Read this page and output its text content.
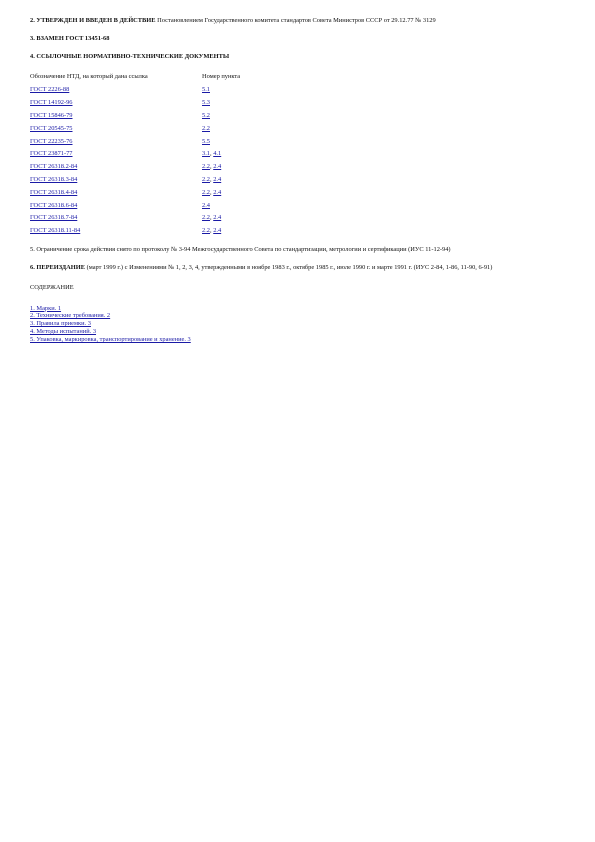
2. УТВЕРЖДЕН И ВВЕДЕН В ДЕЙСТВИЕ Постановлением Государственного комитета стандартов Совета Министров СССР от 29.12.77 № 3129

3. ВЗАМЕН ГОСТ 13451-68

4. ССЫЛОЧНЫЕ НОРМАТИВНО-ТЕХНИЧЕСКИЕ ДОКУМЕНТЫ

Обозначение НТД, на который дана ссылка	Номер пункта
ГОСТ 2226-88	5.1
ГОСТ 14192-96	5.3
ГОСТ 15846-79	5.2
ГОСТ 20545-75	2.2
ГОСТ 22235-76	5.5
ГОСТ 23871-77	3.1, 4.1
ГОСТ 26318.2-84	2.2, 2.4
ГОСТ 26318.3-84	2.2, 2.4
ГОСТ 26318.4-84	2.2, 2.4
ГОСТ 26318.6-84	2.4
ГОСТ 26318.7-84	2.2, 2.4
ГОСТ 26318.11-84	2.2, 2.4

5. Ограничение срока действия снято по протоколу № 3-94 Межгосударственного Совета по стандартизации, метрологии и сертификации (ИУС 11-12-94)

6. ПЕРЕИЗДАНИЕ (март 1999 г.) с Изменениями № 1, 2, 3, 4, утвержденными в ноябре 1983 г., октябре 1985 г., июле 1990 г. и марте 1991 г. (ИУС 2-84, 1-86, 11-90, 6-91)

СОДЕРЖАНИЕ

1. Марки. 1
2. Технические требования. 2
3. Правила приемки. 3
4. Методы испытаний. 3
5. Упаковка, маркировка, транспортирование и хранение. 3
